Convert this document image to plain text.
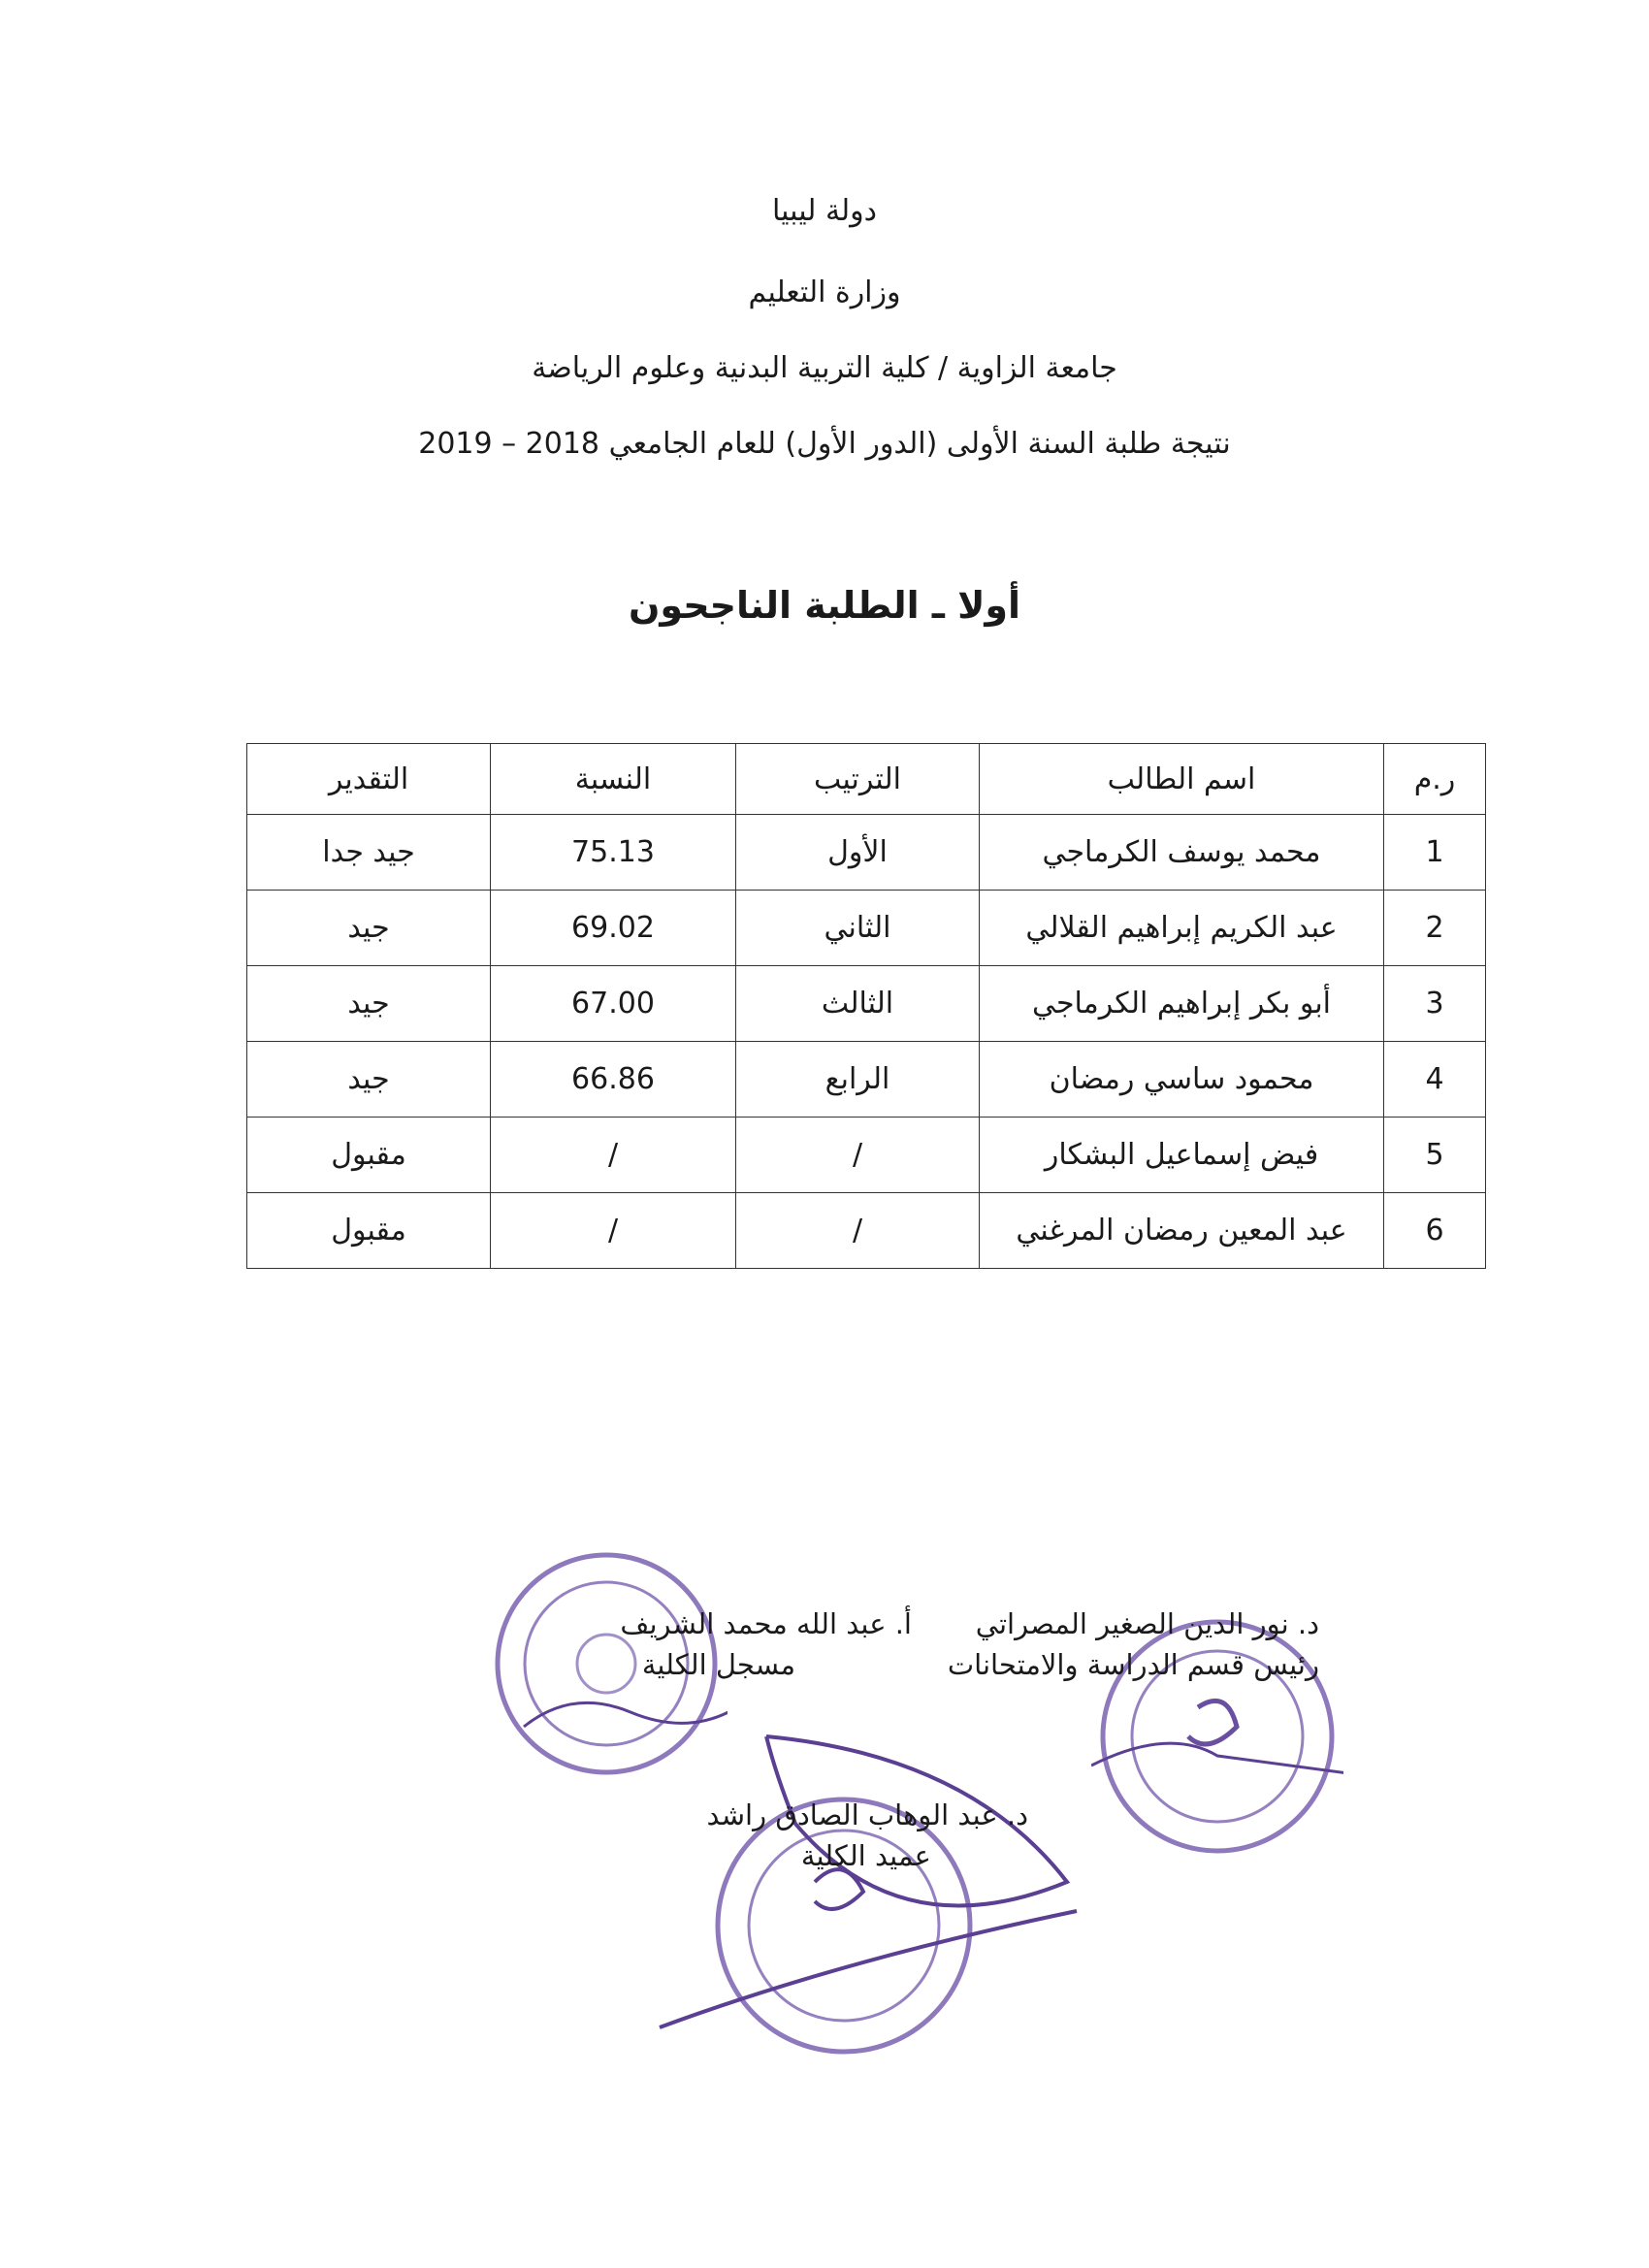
دولة ليبيا
وزارة التعليم
جامعة الزاوية / كلية التربية البدنية وعلوم الرياضة
نتيجة طلبة السنة الأولى (الدور الأول) للعام الجامعي 2018 – 2019
أولا ـ الطلبة الناجحون
ر.م	اسم الطالب	الترتيب	النسبة	التقدير
1	محمد يوسف الكرماجي	الأول	75.13	جيد جدا
2	عبد الكريم إبراهيم القلالي	الثاني	69.02	جيد
3	أبو بكر إبراهيم الكرماجي	الثالث	67.00	جيد
4	محمود ساسي رمضان	الرابع	66.86	جيد
5	فيض إسماعيل البشكار	/	/	مقبول
6	عبد المعين رمضان المرغني	/	/	مقبول
أ. عبد الله محمد الشريف
مسجل الكلية
د. نور الدين الصغير المصراتي
رئيس قسم الدراسة والامتحانات
د. عبد الوهاب الصادق راشد
عميد الكلية
